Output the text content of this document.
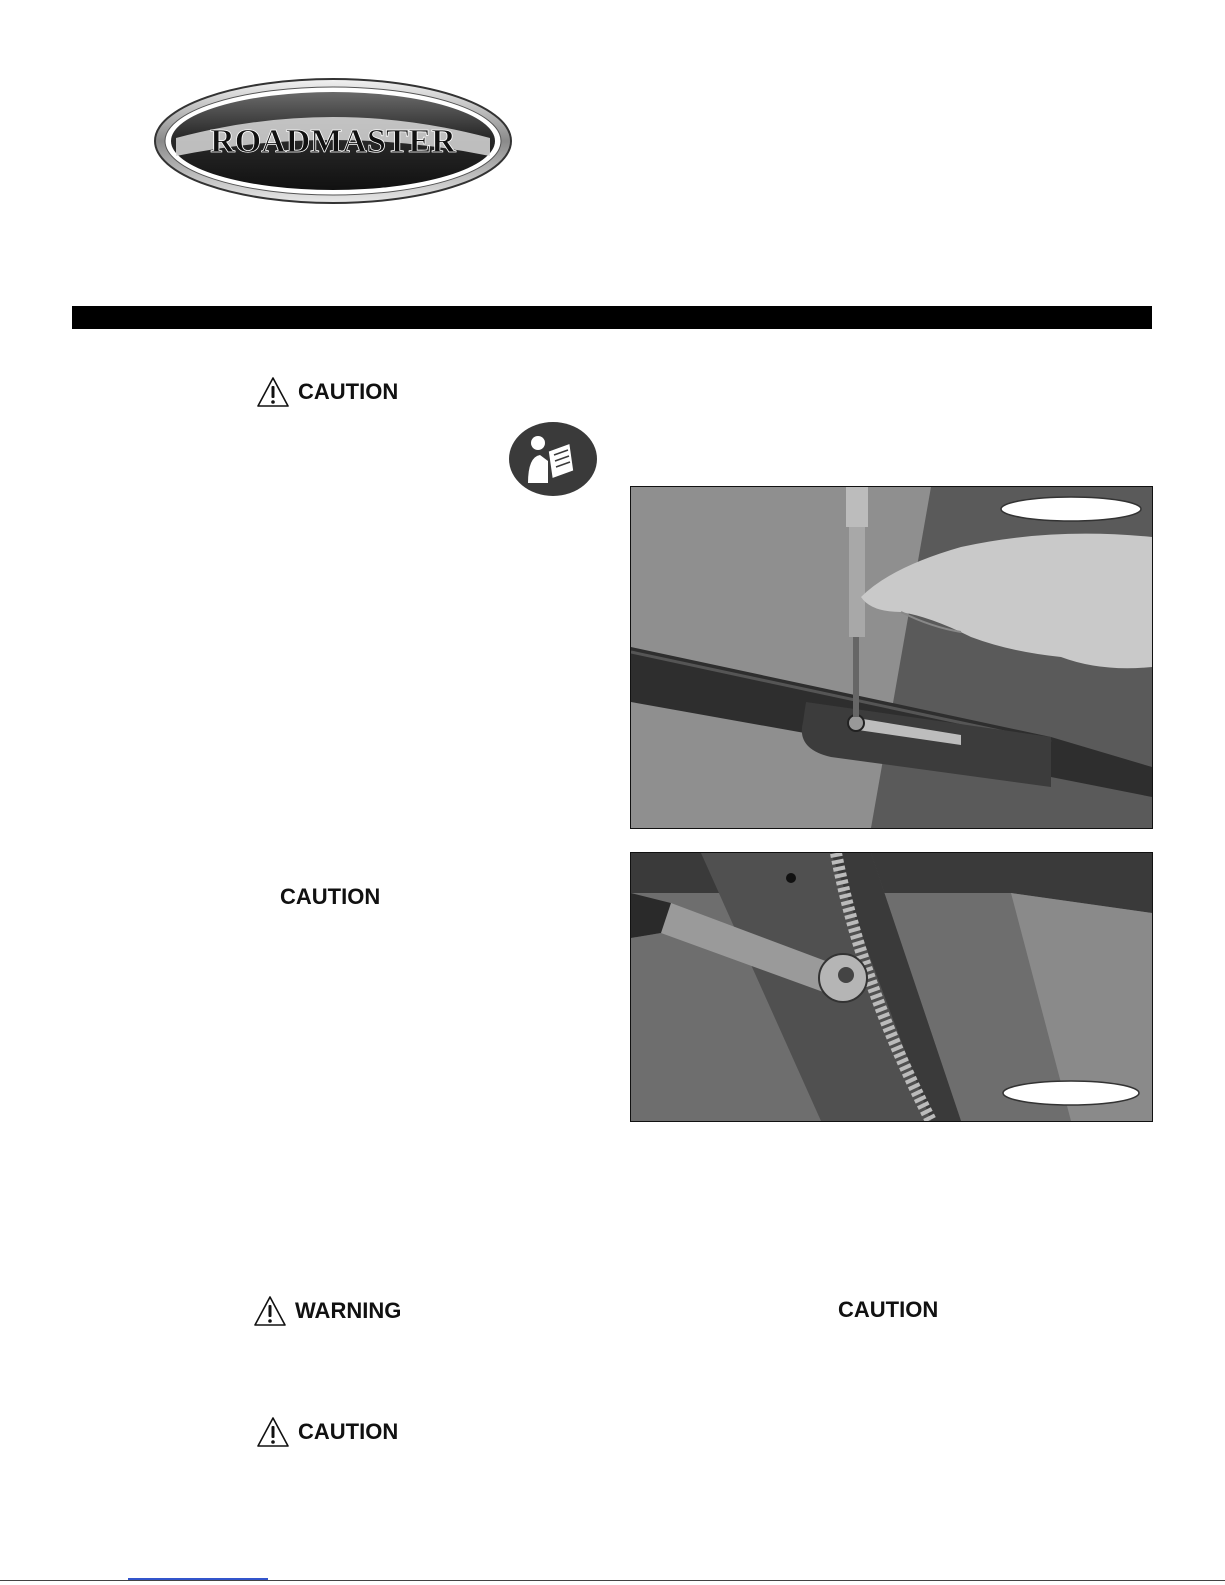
ROADMASTER
CAUTION
CAUTION
WARNING	CAUTION
CAUTION
